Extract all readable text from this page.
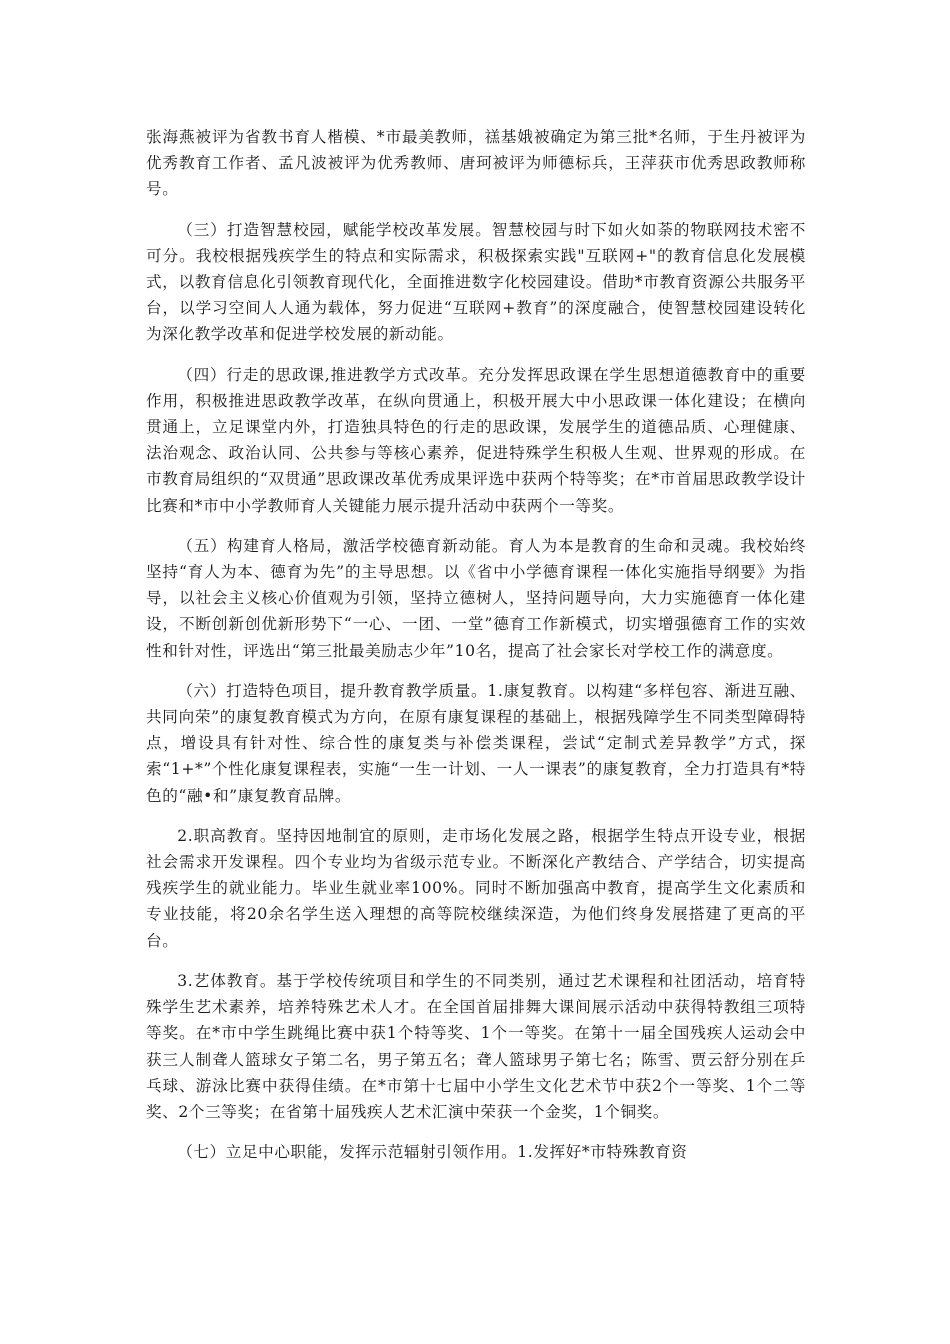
张海燕被评为省教书育人楷模、*市最美教师，禚基娥被确定为第三批*名师，于生丹被评为优秀教育工作者、孟凡波被评为优秀教师、唐珂被评为师德标兵，王萍获市优秀思政教师称号。

（三）打造智慧校园，赋能学校改革发展。智慧校园与时下如火如荼的物联网技术密不可分。我校根据残疾学生的特点和实际需求，积极探索实践"互联网+"的教育信息化发展模式，以教育信息化引领教育现代化，全面推进数字化校园建设。借助*市教育资源公共服务平台，以学习空间人人通为载体，努力促进“互联网+教育”的深度融合，使智慧校园建设转化为深化教学改革和促进学校发展的新动能。

（四）行走的思政课,推进教学方式改革。充分发挥思政课在学生思想道德教育中的重要作用，积极推进思政教学改革，在纵向贯通上，积极开展大中小思政课一体化建设；在横向贯通上，立足课堂内外，打造独具特色的行走的思政课，发展学生的道德品质、心理健康、法治观念、政治认同、公共参与等核心素养，促进特殊学生积极人生观、世界观的形成。在市教育局组织的“双贯通”思政课改革优秀成果评选中获两个特等奖；在*市首届思政教学设计比赛和*市中小学教师育人关键能力展示提升活动中获两个一等奖。

（五）构建育人格局，激活学校德育新动能。育人为本是教育的生命和灵魂。我校始终坚持“育人为本、德育为先”的主导思想。以《省中小学德育课程一体化实施指导纲要》为指导，以社会主义核心价值观为引领，坚持立德树人，坚持问题导向，大力实施德育一体化建设，不断创新创优新形势下“一心、一团、一堂”德育工作新模式，切实增强德育工作的实效性和针对性，评选出“第三批最美励志少年”10名，提高了社会家长对学校工作的满意度。

（六）打造特色项目，提升教育教学质量。1.康复教育。以构建“多样包容、渐进互融、共同向荣”的康复教育模式为方向，在原有康复课程的基础上，根据残障学生不同类型障碍特点，增设具有针对性、综合性的康复类与补偿类课程，尝试“定制式差异教学”方式，探索“1+*”个性化康复课程表，实施“一生一计划、一人一课表”的康复教育，全力打造具有*特色的“融•和”康复教育品牌。

2.职高教育。坚持因地制宜的原则，走市场化发展之路，根据学生特点开设专业，根据社会需求开发课程。四个专业均为省级示范专业。不断深化产教结合、产学结合，切实提高残疾学生的就业能力。毕业生就业率100%。同时不断加强高中教育，提高学生文化素质和专业技能，将20余名学生送入理想的高等院校继续深造，为他们终身发展搭建了更高的平台。

3.艺体教育。基于学校传统项目和学生的不同类别，通过艺术课程和社团活动，培育特殊学生艺术素养，培养特殊艺术人才。在全国首届排舞大课间展示活动中获得特教组三项特等奖。在*市中学生跳绳比赛中获1个特等奖、1个一等奖。在第十一届全国残疾人运动会中获三人制聋人篮球女子第二名，男子第五名；聋人篮球男子第七名；陈雪、贾云舒分别在乒乓球、游泳比赛中获得佳绩。在*市第十七届中小学生文化艺术节中获2个一等奖、1个二等奖、2个三等奖；在省第十届残疾人艺术汇演中荣获一个金奖，1个铜奖。

（七）立足中心职能，发挥示范辐射引领作用。1.发挥好*市特殊教育资
